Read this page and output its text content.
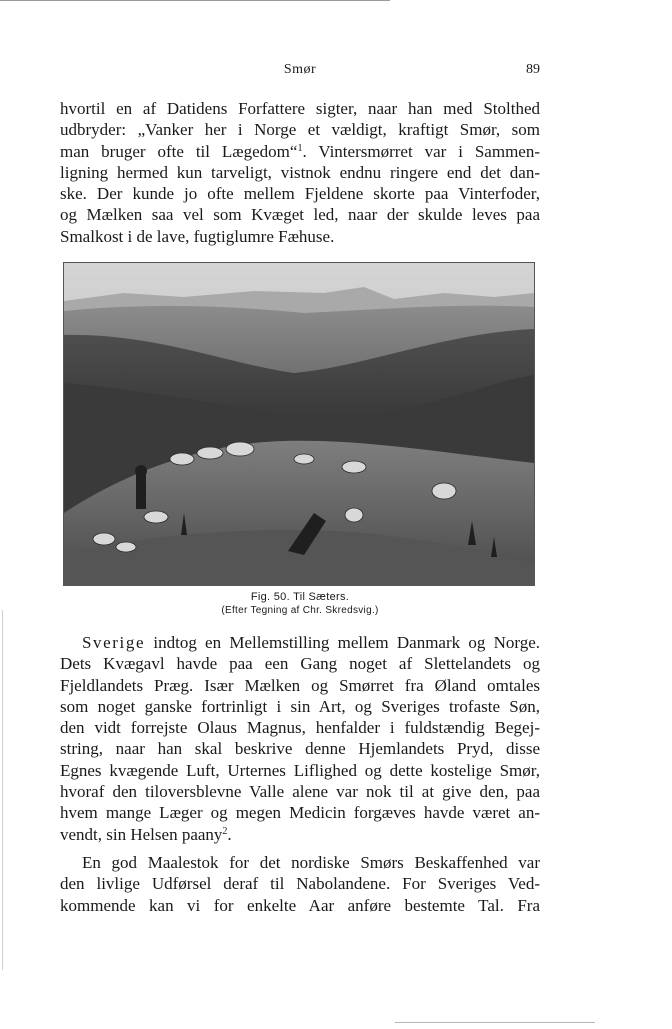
Smør	89

hvortil en af Datidens Forfattere sigter, naar han med Stolthed
udbryder: „Vanker her i Norge et vældigt, kraftigt Smør, som
man bruger ofte til Lægedom“$^1$. Vintersmørret var i Sammen-
ligning hermed kun tarveligt, vistnok endnu ringere end det dan-
ske. Der kunde jo ofte mellem Fjeldene skorte paa Vinterfoder,
og Mælken saa vel som Kvæget led, naar der skulde leves paa
Smalkost i de lave, fugtiglumre Fæhuse.

Fig. 50. Til Sæters.
(Efter Tegning af Chr. Skredsvig.)

Sverige indtog en Mellemstilling mellem Danmark og Norge.
Dets Kvægavl havde paa een Gang noget af Slettelandets og
Fjeldlandets Præg. Især Mælken og Smørret fra Øland omtales
som noget ganske fortrinligt i sin Art, og Sveriges trofaste Søn,
den vidt forrejste Olaus Magnus, henfalder i fuldstændig Begej-
string, naar han skal beskrive denne Hjemlandets Pryd, disse
Egnes kvægende Luft, Urternes Liflighed og dette kostelige Smør,
hvoraf den tiloversblevne Valle alene var nok til at give den, paa
hvem mange Læger og megen Medicin forgæves havde været an-
vendt, sin Helsen paany$^2$.

En god Maalestok for det nordiske Smørs Beskaffenhed var
den livlige Udførsel deraf til Nabolandene. For Sveriges Ved-
kommende kan vi for enkelte Aar anføre bestemte Tal. Fra
